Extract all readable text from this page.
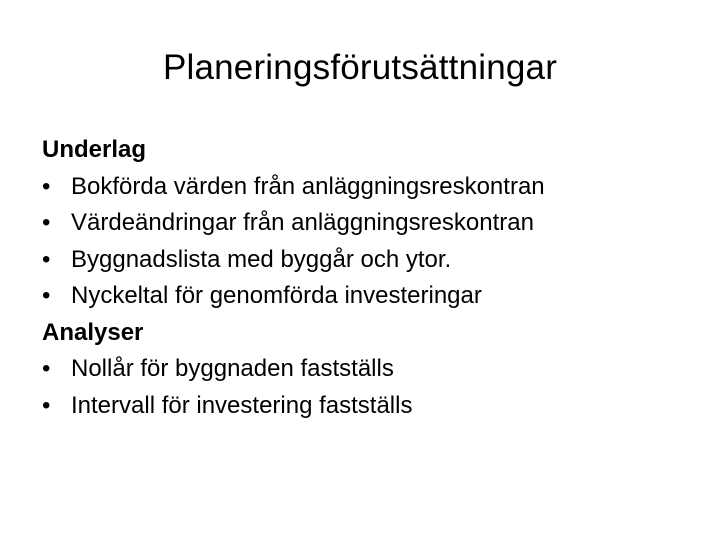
Planeringsförutsättningar
Underlag
• Bokförda värden från anläggningsreskontran
• Värdeändringar från anläggningsreskontran
• Byggnadslista med byggår och ytor.
• Nyckeltal för genomförda investeringar
Analyser
• Nollår för byggnaden fastställs
• Intervall för investering fastställs
